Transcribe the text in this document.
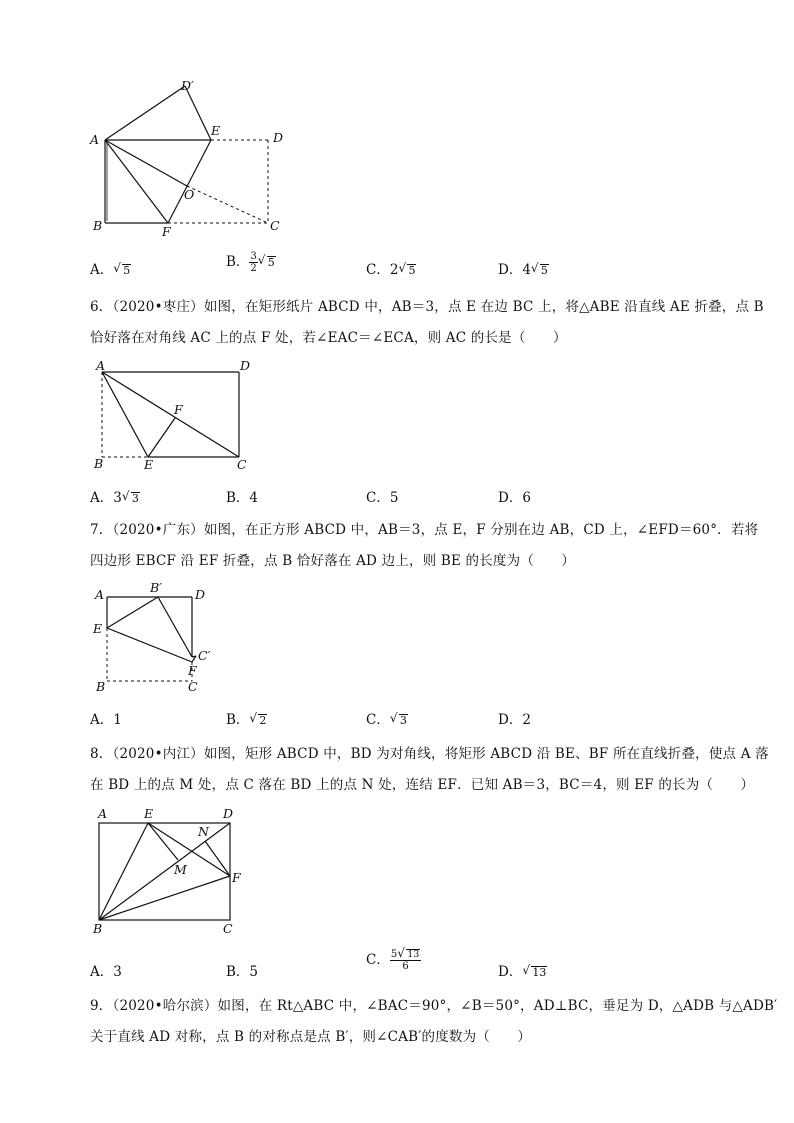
D′
A
E	D
O
B	F	C
A． √ 5
B． $\frac{3}{2}$ √ 5	C．2 √ 5	D．4 √ 5
6．（2020•枣庄）如图，在矩形纸片 ABCD 中，AB＝3，点 E 在边 BC 上，将△ABE 沿直线 AE 折叠，点 B
恰好落在对角线 AC 上的点 F 处，若∠EAC＝∠ECA，则 AC 的长是（　　）
A	D
F
B	E	C
A．3 √ 3	B．4	C．5	D．6
7．（2020•广东）如图，在正方形 ABCD 中，AB＝3，点 E，F 分别在边 AB，CD 上，∠EFD＝60°．若将
四边形 EBCF 沿 EF 折叠，点 B 恰好落在 AD 边上，则 BE 的长度为（　　）
A	B′	D
E
C′
F
B	C
A．1	B． √ 2	C． √ 3	D．2
8．（2020•内江）如图，矩形 ABCD 中，BD 为对角线，将矩形 ABCD 沿 BE、BF 所在直线折叠，使点 A 落
在 BD 上的点 M 处，点 C 落在 BD 上的点 N 处，连结 EF．已知 AB＝3，BC＝4，则 EF 的长为（　　）
A	E	D
N
M
F
B	C
A．3	B．5
C． $\frac{5 √ 13}{6}$	D． √ 13
9．（2020•哈尔滨）如图，在 Rt△ABC 中，∠BAC＝90°，∠B＝50°，AD⊥BC，垂足为 D，△ADB 与△ADB′
关于直线 AD 对称，点 B 的对称点是点 B′，则∠CAB′的度数为（　　）
